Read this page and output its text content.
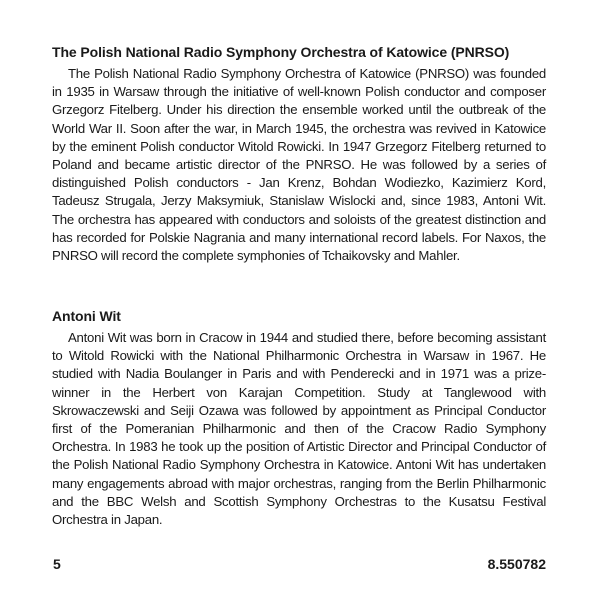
The Polish National Radio Symphony Orchestra of Katowice (PNRSO)

The Polish National Radio Symphony Orchestra of Katowice (PNRSO) was founded in 1935 in Warsaw through the initiative of well-known Polish conductor and composer Grzegorz Fitelberg. Under his direction the ensemble worked until the outbreak of the World War II. Soon after the war, in March 1945, the orchestra was revived in Katowice by the eminent Polish conductor Witold Rowicki. In 1947 Grzegorz Fitelberg returned to Poland and became artistic director of the PNRSO. He was followed by a series of distinguished Polish conductors - Jan Krenz, Bohdan Wodiezko, Kazimierz Kord, Tadeusz Strugala, Jerzy Maksymiuk, Stanislaw Wislocki and, since 1983, Antoni Wit. The orchestra has appeared with conductors and soloists of the greatest distinction and has recorded for Polskie Nagrania and many international record labels. For Naxos, the PNRSO will record the complete symphonies of Tchaikovsky and Mahler.

Antoni Wit

Antoni Wit was born in Cracow in 1944 and studied there, before becoming assistant to Witold Rowicki with the National Philharmonic Orchestra in Warsaw in 1967. He studied with Nadia Boulanger in Paris and with Penderecki and in 1971 was a prize-winner in the Herbert von Karajan Competition. Study at Tanglewood with Skrowaczewski and Seiji Ozawa was followed by appointment as Principal Conductor first of the Pomeranian Philharmonic and then of the Cracow Radio Symphony Orchestra. In 1983 he took up the position of Artistic Director and Principal Conductor of the Polish National Radio Symphony Orchestra in Katowice. Antoni Wit has undertaken many engagements abroad with major orchestras, ranging from the Berlin Philharmonic and the BBC Welsh and Scottish Symphony Orchestras to the Kusatsu Festival Orchestra in Japan.

5	8.550782
